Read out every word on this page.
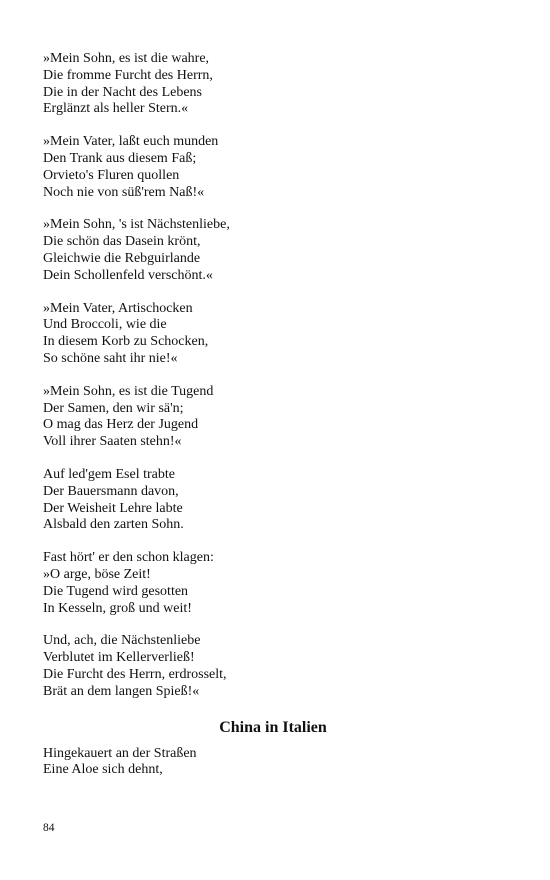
»Mein Sohn, es ist die wahre,
Die fromme Furcht des Herrn,
Die in der Nacht des Lebens
Erglänzt als heller Stern.«
»Mein Vater, laßt euch munden
Den Trank aus diesem Faß;
Orvieto's Fluren quollen
Noch nie von süß'rem Naß!«
»Mein Sohn, 's ist Nächstenliebe,
Die schön das Dasein krönt,
Gleichwie die Rebguirlande
Dein Schollenfeld verschönt.«
»Mein Vater, Artischocken
Und Broccoli, wie die
In diesem Korb zu Schocken,
So schöne saht ihr nie!«
»Mein Sohn, es ist die Tugend
Der Samen, den wir sä'n;
O mag das Herz der Jugend
Voll ihrer Saaten stehn!«
Auf led'gem Esel trabte
Der Bauersmann davon,
Der Weisheit Lehre labte
Alsbald den zarten Sohn.
Fast hört' er den schon klagen:
»O arge, böse Zeit!
Die Tugend wird gesotten
In Kesseln, groß und weit!
Und, ach, die Nächstenliebe
Verblutet im Kellerverließ!
Die Furcht des Herrn, erdrosselt,
Brät an dem langen Spieß!«
China in Italien
Hingekauert an der Straßen
Eine Aloe sich dehnt,
84
